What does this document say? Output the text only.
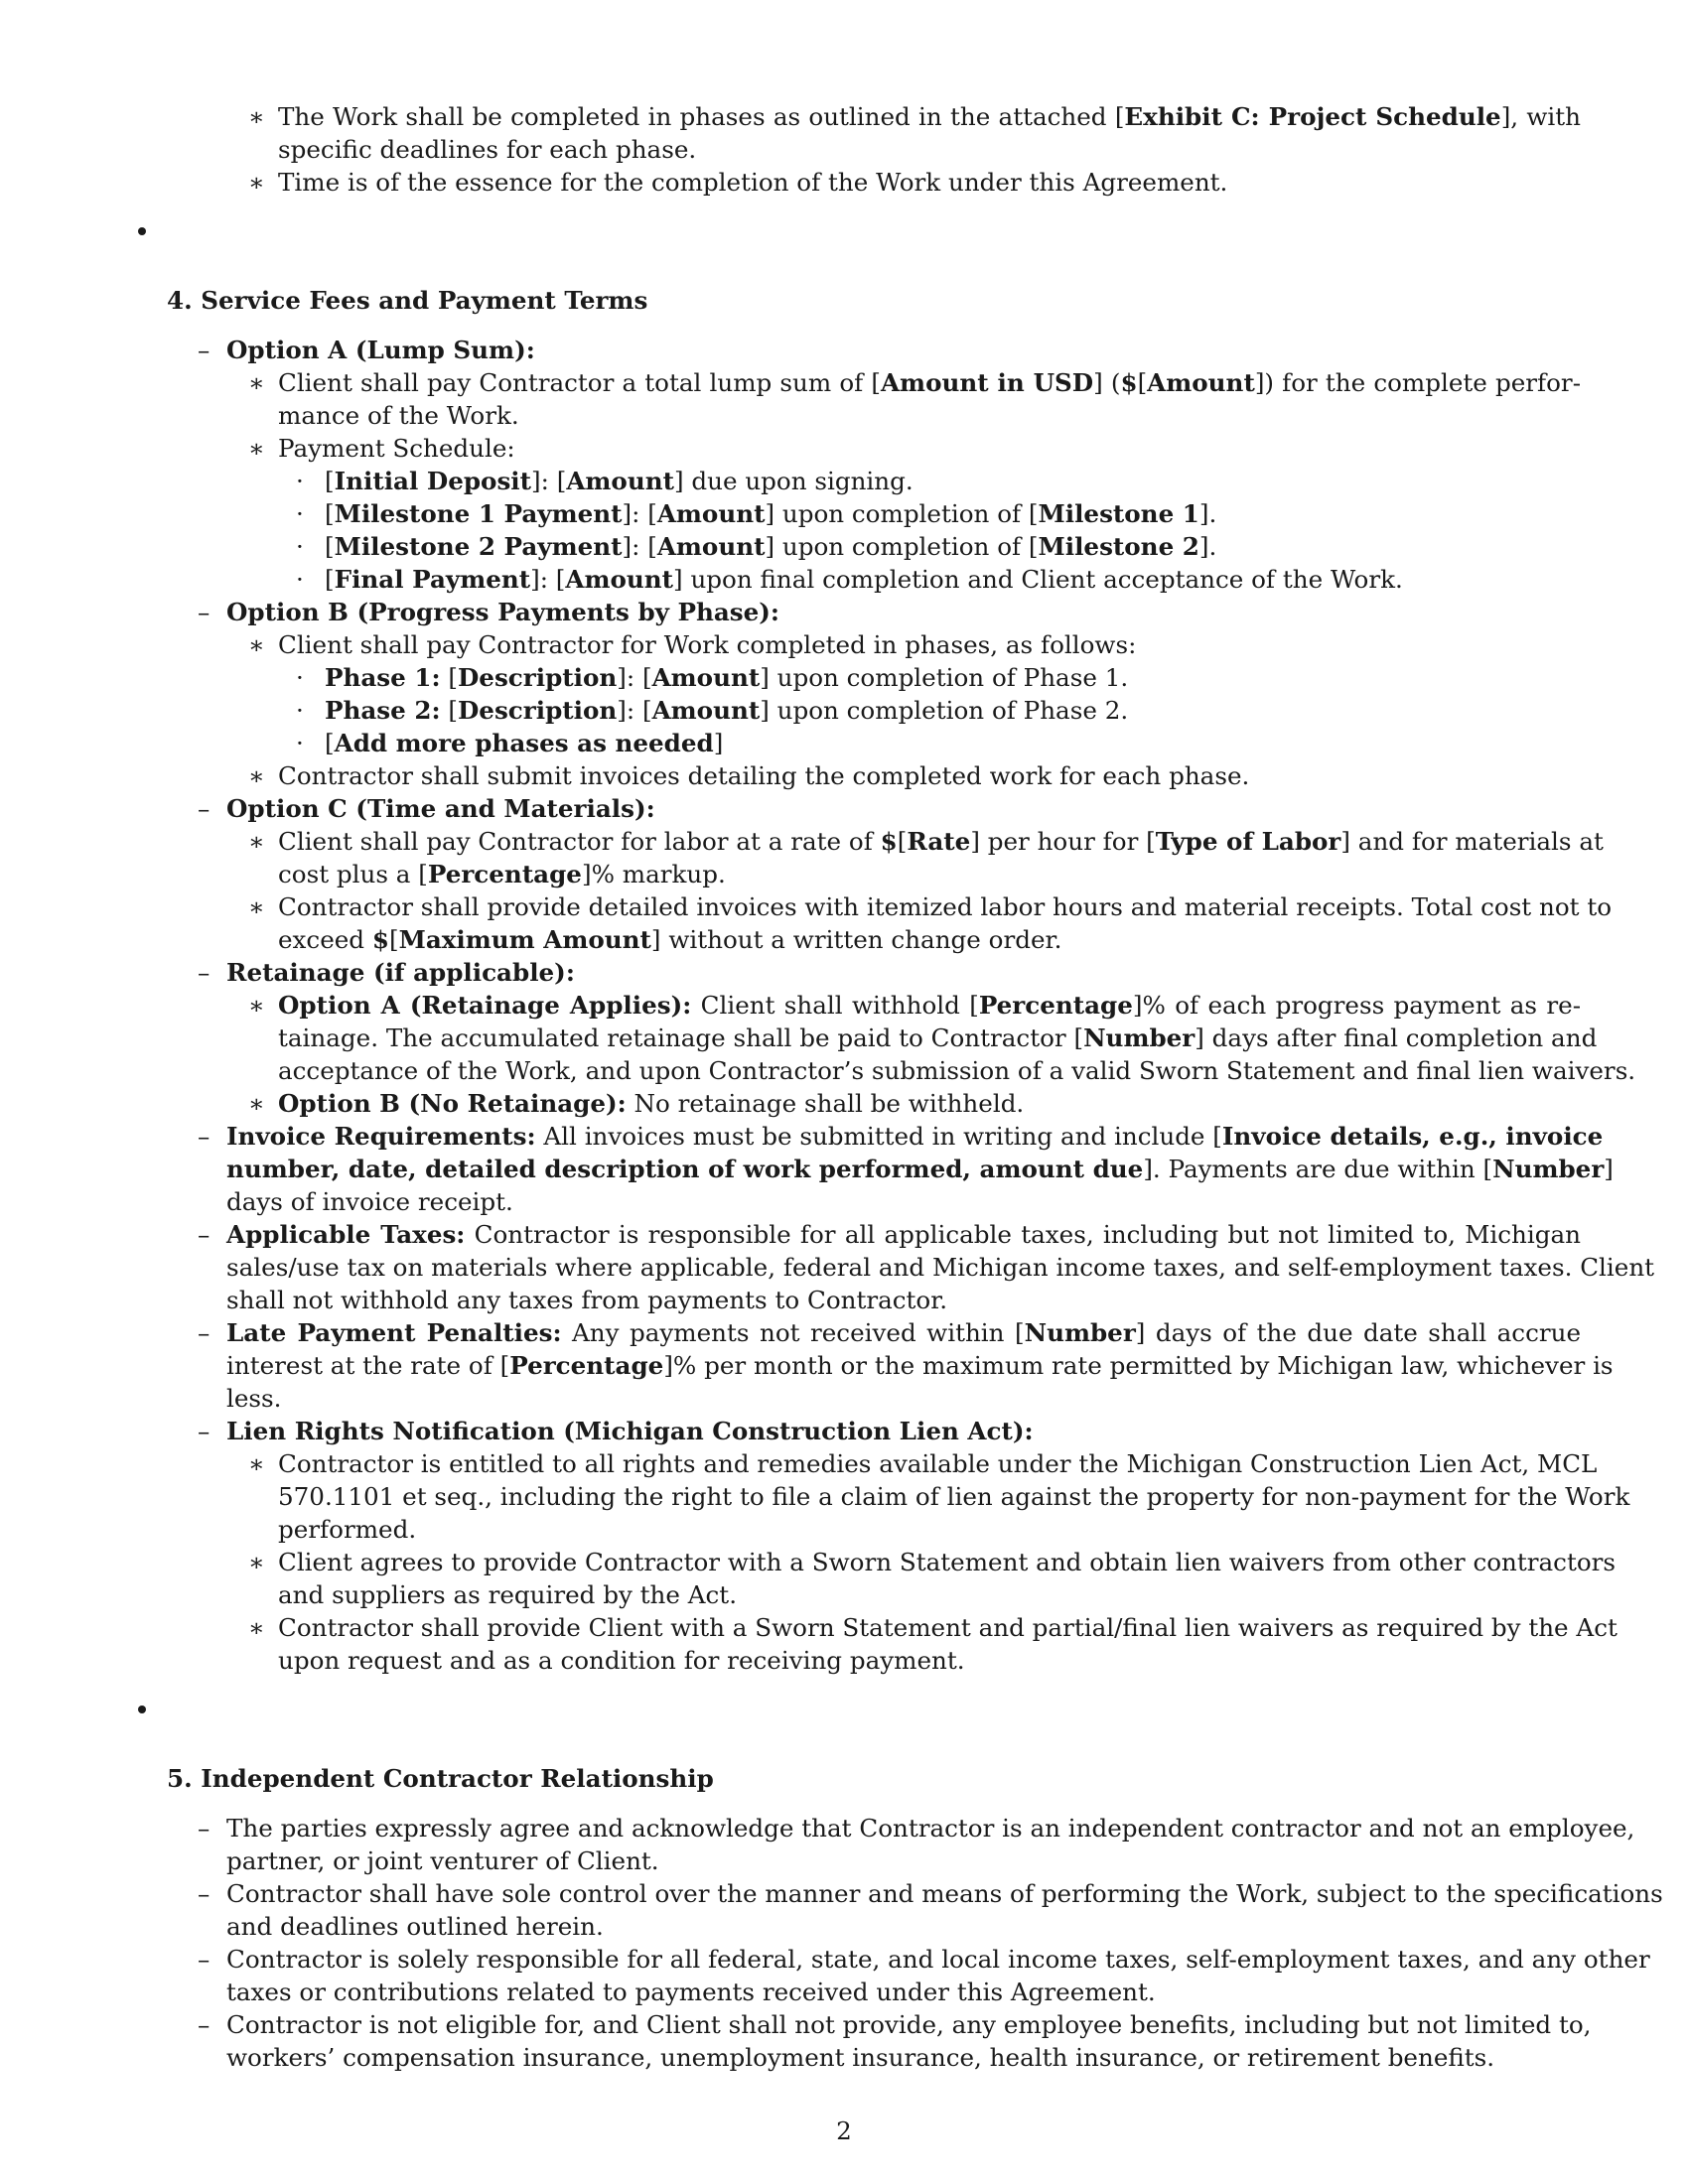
∗ The Work shall be completed in phases as outlined in the attached [Exhibit C: Project Schedule], with

specific deadlines for each phase.

∗ Time is of the essence for the completion of the Work under this Agreement.

4. Service Fees and Payment Terms

– Option A (Lump Sum):

∗ Client shall pay Contractor a total lump sum of [Amount in USD] ($[Amount]) for the complete perfor-

mance of the Work.

∗ Payment Schedule:

· [Initial Deposit]: [Amount] due upon signing.

· [Milestone 1 Payment]: [Amount] upon completion of [Milestone 1].

· [Milestone 2 Payment]: [Amount] upon completion of [Milestone 2].

· [Final Payment]: [Amount] upon final completion and Client acceptance of the Work.

– Option B (Progress Payments by Phase):

∗ Client shall pay Contractor for Work completed in phases, as follows:

· Phase 1: [Description]: [Amount] upon completion of Phase 1.

· Phase 2: [Description]: [Amount] upon completion of Phase 2.

· [Add more phases as needed]

∗ Contractor shall submit invoices detailing the completed work for each phase.

– Option C (Time and Materials):

∗ Client shall pay Contractor for labor at a rate of $[Rate] per hour for [Type of Labor] and for materials at

cost plus a [Percentage]% markup.

∗ Contractor shall provide detailed invoices with itemized labor hours and material receipts. Total cost not to

exceed $[Maximum Amount] without a written change order.

– Retainage (if applicable):

∗ Option A (Retainage Applies): Client shall withhold [Percentage]% of each progress payment as re-

tainage. The accumulated retainage shall be paid to Contractor [Number] days after final completion and

acceptance of the Work, and upon Contractor’s submission of a valid Sworn Statement and final lien waivers.

∗ Option B (No Retainage): No retainage shall be withheld.

– Invoice Requirements: All invoices must be submitted in writing and include [Invoice details, e.g., invoice

number, date, detailed description of work performed, amount due]. Payments are due within [Number]

days of invoice receipt.

– Applicable Taxes: Contractor is responsible for all applicable taxes, including but not limited to, Michigan

sales/use tax on materials where applicable, federal and Michigan income taxes, and self-employment taxes. Client

shall not withhold any taxes from payments to Contractor.

– Late Payment Penalties: Any payments not received within [Number] days of the due date shall accrue

interest at the rate of [Percentage]% per month or the maximum rate permitted by Michigan law, whichever is

less.

– Lien Rights Notification (Michigan Construction Lien Act):

∗ Contractor is entitled to all rights and remedies available under the Michigan Construction Lien Act, MCL

570.1101 et seq., including the right to file a claim of lien against the property for non-payment for the Work

performed.

∗ Client agrees to provide Contractor with a Sworn Statement and obtain lien waivers from other contractors

and suppliers as required by the Act.

∗ Contractor shall provide Client with a Sworn Statement and partial/final lien waivers as required by the Act

upon request and as a condition for receiving payment.

5. Independent Contractor Relationship

– The parties expressly agree and acknowledge that Contractor is an independent contractor and not an employee,

partner, or joint venturer of Client.

– Contractor shall have sole control over the manner and means of performing the Work, subject to the specifications

and deadlines outlined herein.

– Contractor is solely responsible for all federal, state, and local income taxes, self-employment taxes, and any other

taxes or contributions related to payments received under this Agreement.

– Contractor is not eligible for, and Client shall not provide, any employee benefits, including but not limited to,

workers’ compensation insurance, unemployment insurance, health insurance, or retirement benefits.

2
